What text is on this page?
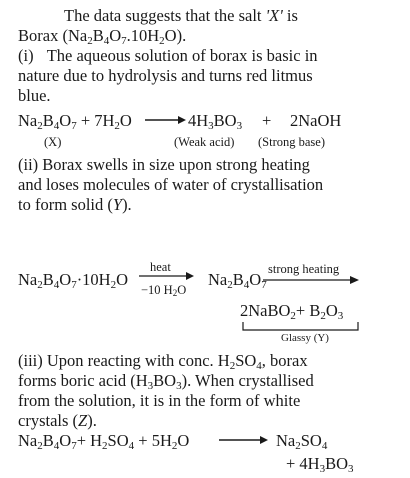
The data suggests that the salt 'X' is
Borax $(Na_2B_4O_7.10H_2O)$.
(i) The aqueous solution of borax is basic in
nature due to hydrolysis and turns red litmus
blue.
$Na_2B_4O_7 + 7H_2O$	$4H_3BO_3$ + 2NaOH
(X)	(Weak acid) (Strong base)
(ii) Borax swells in size upon strong heating
and loses molecules of water of crystallisation
to form solid (Y).
$Na_2B_4O_7\cdot 10H_2O$
heat
−10 $H_2O$
$Na_2B_4O_7$
strong heating
2NaBO$_2$+ $B_2O_3$
Glassy (Y)
(iii) Upon reacting with conc. $H_2SO_4$, borax
forms boric acid $(H_3BO_3)$. When crystallised
from the solution, it is in the form of white
crystals (Z).
$Na_2B_4O_7+ H_2SO_4 + 5H_2O$	$Na_2SO_4$
+ $4H_3BO_3$
